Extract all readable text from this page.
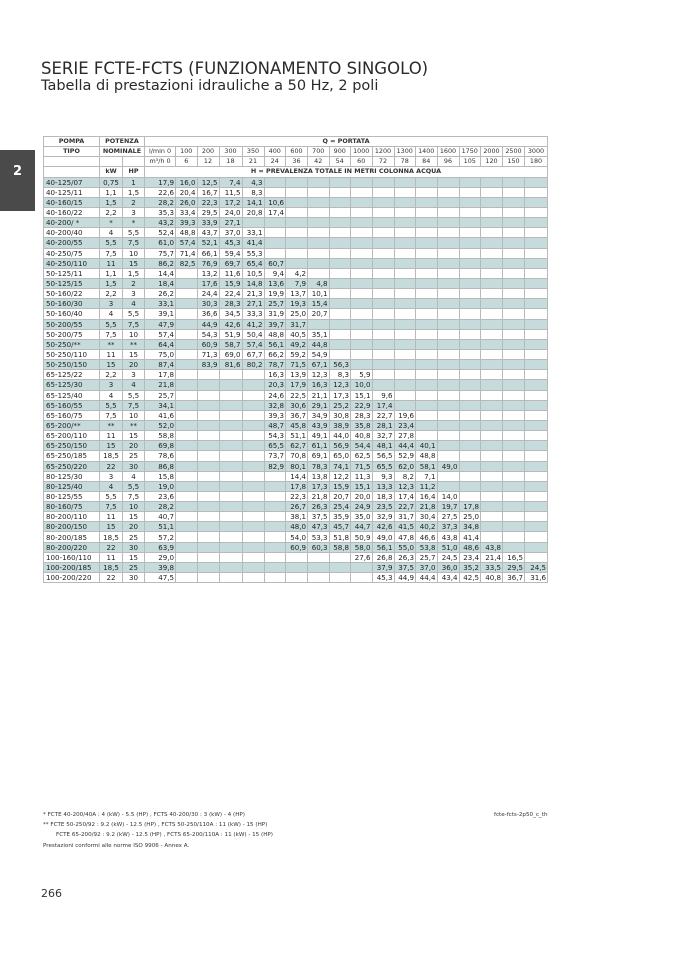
SERIE FCTE-FCTS (FUNZIONAMENTO SINGOLO)
Tabella di prestazioni idrauliche a 50 Hz, 2 poli
2
POMPA	POTENZA		Q = PORTATA																	
TIPO	NOMINALE		l/min 0	100	200	300	350	400	600	700	900	1000	1200	1300	1400	1600	1750	2000	2500	3000
			m³/h 0	6	12	18	21	24	36	42	54	60	72	78	84	96	105	120	150	180
	kW	HP	H = PREVALENZA TOTALE IN METRI COLONNA ACQUA																	
40-125/07	0,75	1	17,9	16,0	12,5	7,4	4,3													
40-125/11	1,1	1,5	22,6	20,4	16,7	11,5	8,3													
40-160/15	1,5	2	28,2	26,0	22,3	17,2	14,1	10,6												
40-160/22	2,2	3	35,3	33,4	29,5	24,0	20,8	17,4												
40-200/ *	*	*	43,2	39,3	33,9	27,1														
40-200/40	4	5,5	52,4	48,8	43,7	37,0	33,1													
40-200/55	5,5	7,5	61,0	57,4	52,1	45,3	41,4													
40-250/75	7,5	10	75,7	71,4	66,1	59,4	55,3													
40-250/110	11	15	86,2	82,5	76,9	69,7	65,4	60,7												
50-125/11	1,1	1,5	14,4		13,2	11,6	10,5	9,4	4,2											
50-125/15	1,5	2	18,4		17,6	15,9	14,8	13,6	7,9	4,8										
50-160/22	2,2	3	26,2		24,4	22,4	21,3	19,9	13,7	10,1										
50-160/30	3	4	33,1		30,3	28,3	27,1	25,7	19,3	15,4										
50-160/40	4	5,5	39,1		36,6	34,5	33,3	31,9	25,0	20,7										
50-200/55	5,5	7,5	47,9		44,9	42,6	41,2	39,7	31,7											
50-200/75	7,5	10	57,4		54,3	51,9	50,4	48,8	40,5	35,1										
50-250/**	**	**	64,4		60,9	58,7	57,4	56,1	49,2	44,8										
50-250/110	11	15	75,0		71,3	69,0	67,7	66,2	59,2	54,9										
50-250/150	15	20	87,4		83,9	81,6	80,2	78,7	71,5	67,1	56,3									
65-125/22	2,2	3	17,8					16,3	13,9	12,3	8,3	5,9								
65-125/30	3	4	21,8					20,3	17,9	16,3	12,3	10,0								
65-125/40	4	5,5	25,7					24,6	22,5	21,1	17,3	15,1	9,6							
65-160/55	5,5	7,5	34,1					32,8	30,6	29,1	25,2	22,9	17,4							
65-160/75	7,5	10	41,6					39,3	36,7	34,9	30,8	28,3	22,7	19,6						
65-200/**	**	**	52,0					48,7	45,8	43,9	38,9	35,8	28,1	23,4						
65-200/110	11	15	58,8					54,3	51,1	49,1	44,0	40,8	32,7	27,8						
65-250/150	15	20	69,8					65,5	62,7	61,1	56,9	54,4	48,1	44,4	40,1					
65-250/185	18,5	25	78,6					73,7	70,8	69,1	65,0	62,5	56,5	52,9	48,8					
65-250/220	22	30	86,8					82,9	80,1	78,3	74,1	71,5	65,5	62,0	58,1	49,0				
80-125/30	3	4	15,8						14,4	13,8	12,2	11,3	9,3	8,2	7,1					
80-125/40	4	5,5	19,0						17,8	17,3	15,9	15,1	13,3	12,3	11,2					
80-125/55	5,5	7,5	23,6						22,3	21,8	20,7	20,0	18,3	17,4	16,4	14,0				
80-160/75	7,5	10	28,2						26,7	26,3	25,4	24,9	23,5	22,7	21,8	19,7	17,8			
80-200/110	11	15	40,7						38,1	37,5	35,9	35,0	32,9	31,7	30,4	27,5	25,0			
80-200/150	15	20	51,1						48,0	47,3	45,7	44,7	42,6	41,5	40,2	37,3	34,8			
80-200/185	18,5	25	57,2						54,0	53,3	51,8	50,9	49,0	47,8	46,6	43,8	41,4			
80-200/220	22	30	63,9						60,9	60,3	58,8	58,0	56,1	55,0	53,8	51,0	48,6	43,8		
100-160/110	11	15	29,0									27,6	26,8	26,3	25,7	24,5	23,4	21,4	16,5	
100-200/185	18,5	25	39,8										37,9	37,5	37,0	36,0	35,2	33,5	29,5	24,5
100-200/220	22	30	47,5										45,3	44,9	44,4	43,4	42,5	40,8	36,7	31,6
* FCTE 40-200/40A : 4 (kW) - 5.5 (HP) , FCTS 40-200/30 : 3 (kW) - 4 (HP)
** FCTE 50-250/92 : 9.2 (kW) - 12.5 (HP) , FCTS 50-250/110A : 11 (kW) - 15 (HP)
FCTE 65-200/92 : 9.2 (kW) - 12.5 (HP) , FCTS 65-200/110A : 11 (kW) - 15 (HP)
Prestazioni conformi alle norme ISO 9906 - Annex A.
fcte-fcts-2p50_c_th
266
